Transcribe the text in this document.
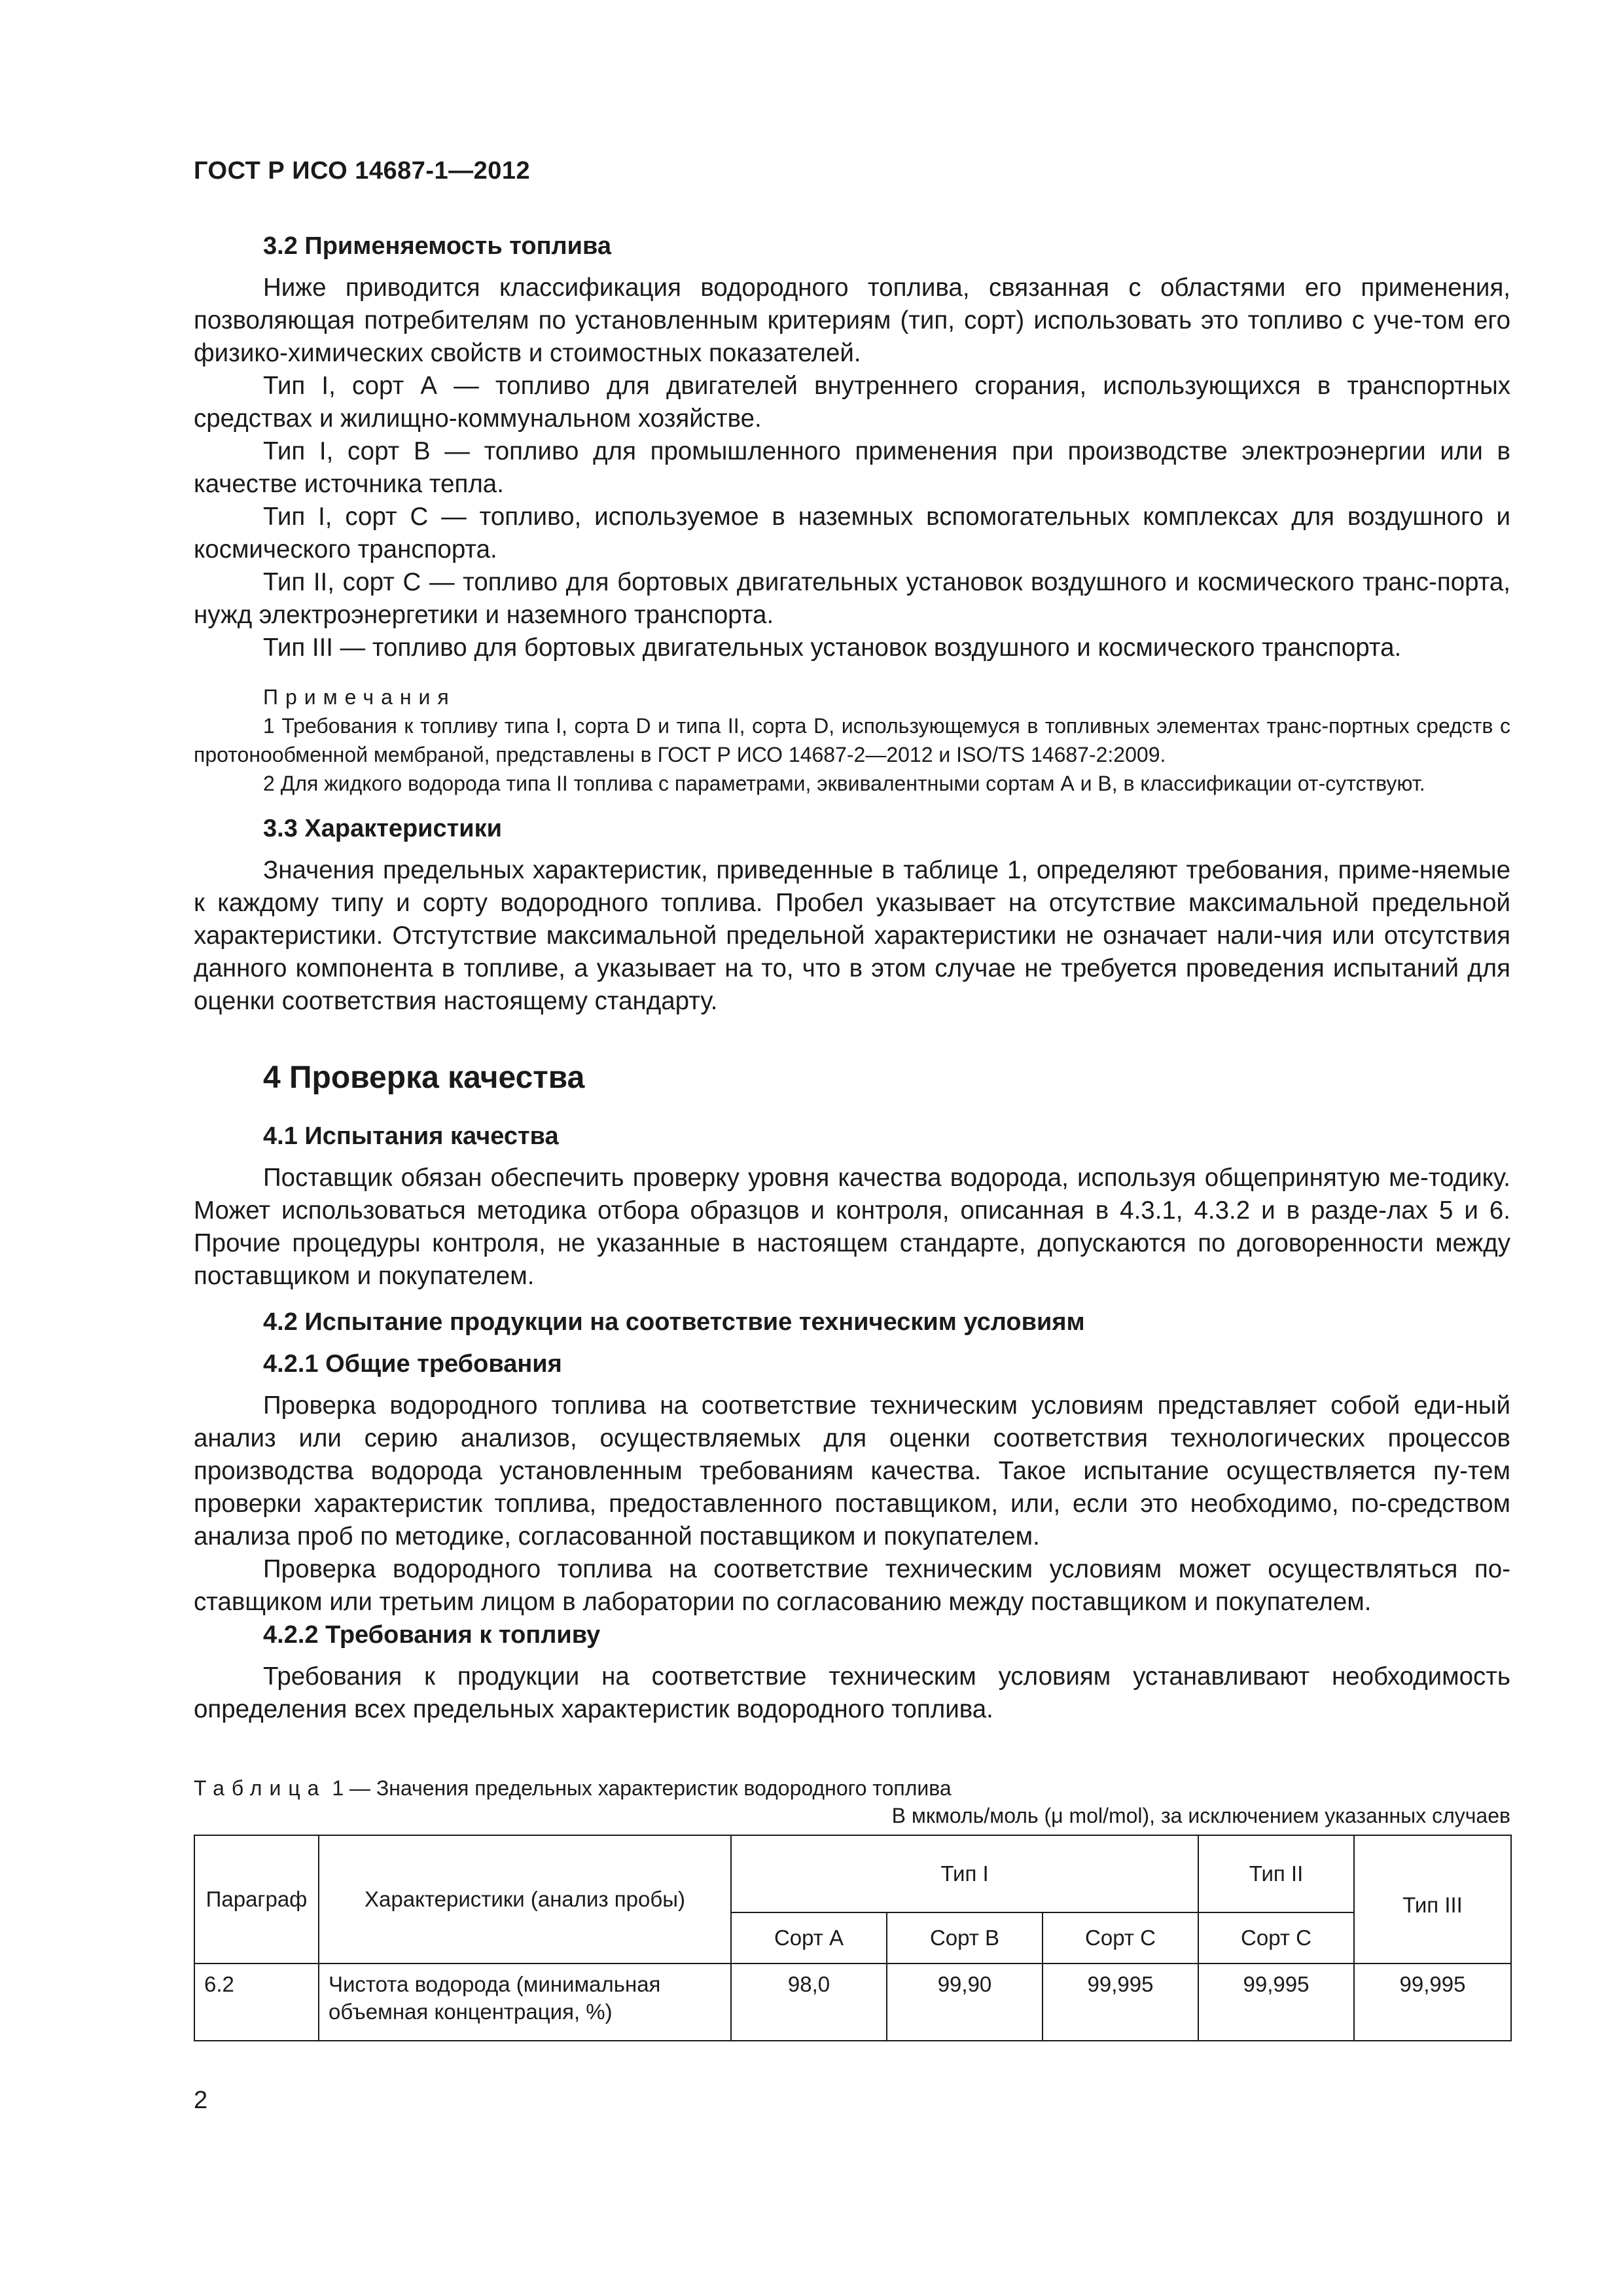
ГОСТ Р ИСО 14687-1—2012
3.2 Применяемость топлива

Ниже приводится классификация водородного топлива, связанная с областями его применения, позволяющая потребителям по установленным критериям (тип, сорт) использовать это топливо с уче-том его физико-химических свойств и стоимостных показателей.

Тип I, сорт А — топливо для двигателей внутреннего сгорания, использующихся в транспортных средствах и жилищно-коммунальном хозяйстве.

Тип I, сорт В — топливо для промышленного применения при производстве электроэнергии или в качестве источника тепла.

Тип I, сорт С — топливо, используемое в наземных вспомогательных комплексах для воздушного и космического транспорта.

Тип II, сорт С — топливо для бортовых двигательных установок воздушного и космического транс-порта, нужд электроэнергетики и наземного транспорта.

Тип III — топливо для бортовых двигательных установок воздушного и космического транспорта.

Примечания

1 Требования к топливу типа I, сорта D и типа II, сорта D, использующемуся в топливных элементах транс-портных средств с протонообменной мембраной, представлены в ГОСТ Р ИСО 14687-2—2012 и ISO/TS 14687-2:2009.

2 Для жидкого водорода типа II топлива с параметрами, эквивалентными сортам А и В, в классификации от-сутствуют.

3.3 Характеристики

Значения предельных характеристик, приведенные в таблице 1, определяют требования, приме-няемые к каждому типу и сорту водородного топлива. Пробел указывает на отсутствие максимальной предельной характеристики. Отстутствие максимальной предельной характеристики не означает нали-чия или отсутствия данного компонента в топливе, а указывает на то, что в этом случае не требуется проведения испытаний для оценки соответствия настоящему стандарту.

4 Проверка качества
4.1 Испытания качества

Поставщик обязан обеспечить проверку уровня качества водорода, используя общепринятую ме-тодику. Может использоваться методика отбора образцов и контроля, описанная в 4.3.1, 4.3.2 и в разде-лах 5 и 6. Прочие процедуры контроля, не указанные в настоящем стандарте, допускаются по договоренности между поставщиком и покупателем.

4.2 Испытание продукции на соответствие техническим условиям
4.2.1 Общие требования

Проверка водородного топлива на соответствие техническим условиям представляет собой еди-ный анализ или серию анализов, осуществляемых для оценки соответствия технологических процессов производства водорода установленным требованиям качества. Такое испытание осуществляется пу-тем проверки характеристик топлива, предоставленного поставщиком, или, если это необходимо, по-средством анализа проб по методике, согласованной поставщиком и покупателем.

Проверка водородного топлива на соответствие техническим условиям может осуществляться по-ставщиком или третьим лицом в лаборатории по согласованию между поставщиком и покупателем.

4.2.2 Требования к топливу

Требования к продукции на соответствие техническим условиям устанавливают необходимость определения всех предельных характеристик водородного топлива.

Таблица 1 — Значения предельных характеристик водородного топлива
В мкмоль/моль (μ mol/mol), за исключением указанных случаев
Параграф	Характеристики (анализ пробы)	Тип I			Тип II	Тип III
		Сорт А	Сорт В	Сорт С	Сорт С	
6.2	Чистота водорода (минимальная объемная концентрация, %)	98,0	99,90	99,995	99,995	99,995
2
